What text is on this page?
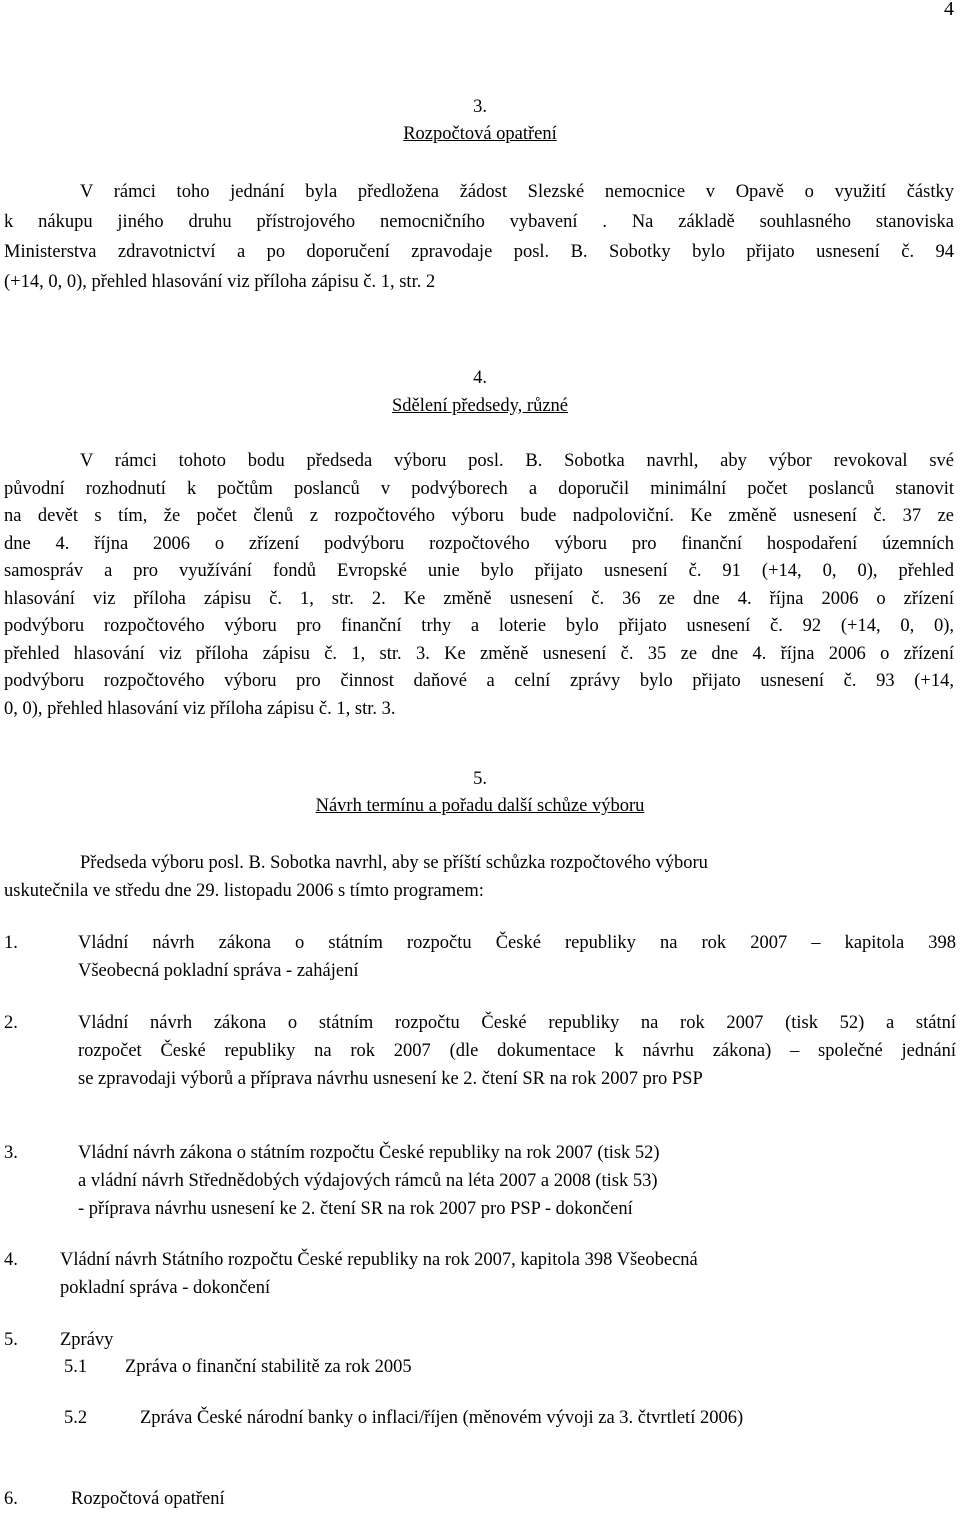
4
3.
Rozpočtová opatření
V rámci toho jednání byla předložena žádost Slezské nemocnice v Opavě o využití částky
k nákupu jiného druhu přístrojového nemocničního vybavení . Na základě souhlasného stanoviska
Ministerstva zdravotnictví a po doporučení zpravodaje posl. B. Sobotky bylo přijato usnesení č. 94
(+14, 0, 0), přehled hlasování viz příloha zápisu č. 1, str. 2
4.
Sdělení předsedy, různé
V rámci tohoto bodu předseda výboru posl. B. Sobotka navrhl, aby výbor revokoval své
původní rozhodnutí k počtům poslanců v podvýborech a doporučil minimální počet poslanců stanovit
na devět s tím, že počet členů z rozpočtového výboru bude nadpoloviční. Ke změně usnesení č. 37 ze
dne 4. října 2006 o zřízení podvýboru rozpočtového výboru pro finanční hospodaření územních
samospráv a pro využívání fondů Evropské unie bylo přijato usnesení č. 91 (+14, 0, 0), přehled
hlasování viz příloha zápisu č. 1, str. 2. Ke změně usnesení č. 36 ze dne 4. října 2006 o zřízení
podvýboru rozpočtového výboru pro finanční trhy a loterie bylo přijato usnesení č. 92 (+14, 0, 0),
přehled hlasování viz příloha zápisu č. 1, str. 3. Ke změně usnesení č. 35 ze dne 4. října 2006 o zřízení
podvýboru rozpočtového výboru pro činnost daňové a celní zprávy bylo přijato usnesení č. 93 (+14,
0, 0), přehled hlasování viz příloha zápisu č. 1, str. 3.
5.
Návrh termínu a pořadu další schůze výboru
Předseda výboru posl. B. Sobotka navrhl, aby se příští schůzka rozpočtového výboru
uskutečnila ve středu dne 29. listopadu 2006 s tímto programem:
1.	Vládní návrh zákona o státním rozpočtu České republiky na rok 2007 – kapitola 398
Všeobecná pokladní správa - zahájení
2.	Vládní návrh zákona o státním rozpočtu České republiky na rok 2007 (tisk 52) a státní
rozpočet České republiky na rok 2007 (dle dokumentace k návrhu zákona) – společné jednání
se zpravodaji výborů a příprava návrhu usnesení ke 2. čtení SR na rok 2007 pro PSP
3.	Vládní návrh zákona o státním rozpočtu České republiky na rok 2007 (tisk 52)
a vládní návrh Střednědobých výdajových rámců na léta 2007 a 2008 (tisk 53)
- příprava návrhu usnesení ke 2. čtení SR na rok 2007 pro PSP - dokončení
4. Vládní návrh Státního rozpočtu České republiky na rok 2007, kapitola 398 Všeobecná
pokladní správa - dokončení
5. Zprávy
5.1 Zpráva o finanční stabilitě za rok 2005
5.2	Zpráva České národní banky o inflaci/říjen (měnovém vývoji za 3. čtvrtletí 2006)
6.	Rozpočtová opatření
